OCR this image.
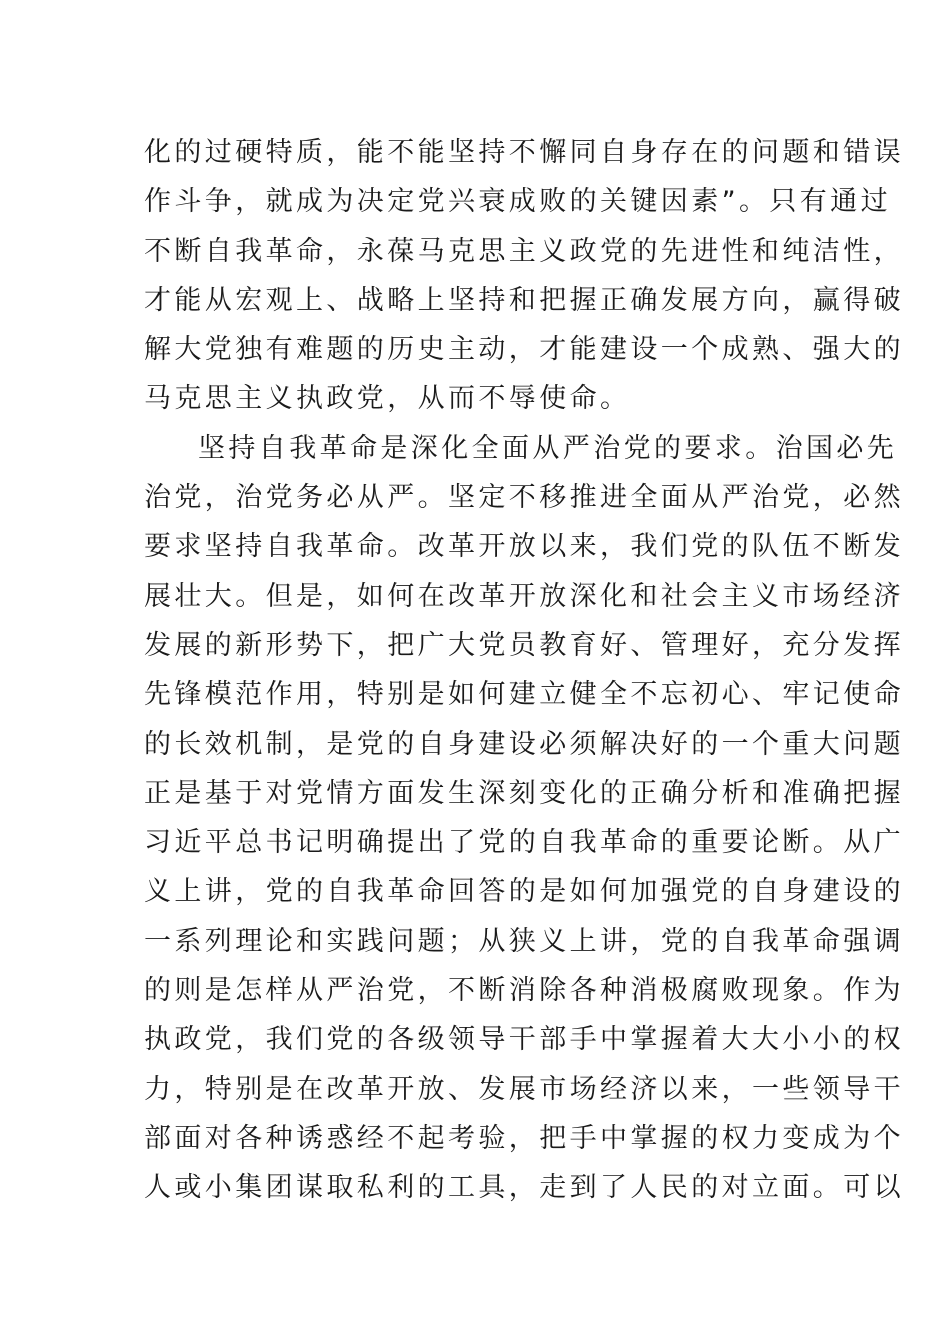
化的过硬特质，能不能坚持不懈同自身存在的问题和错误
作斗争，就成为决定党兴衰成败的关键因素”。只有通过
不断自我革命，永葆马克思主义政党的先进性和纯洁性，
才能从宏观上、战略上坚持和把握正确发展方向，赢得破
解大党独有难题的历史主动，才能建设一个成熟、强大的
马克思主义执政党，从而不辱使命。
坚持自我革命是深化全面从严治党的要求。治国必先
治党，治党务必从严。坚定不移推进全面从严治党，必然
要求坚持自我革命。改革开放以来，我们党的队伍不断发
展壮大。但是，如何在改革开放深化和社会主义市场经济
发展的新形势下，把广大党员教育好、管理好，充分发挥
先锋模范作用，特别是如何建立健全不忘初心、牢记使命
的长效机制，是党的自身建设必须解决好的一个重大问题
正是基于对党情方面发生深刻变化的正确分析和准确把握
习近平总书记明确提出了党的自我革命的重要论断。从广
义上讲，党的自我革命回答的是如何加强党的自身建设的
一系列理论和实践问题；从狭义上讲，党的自我革命强调
的则是怎样从严治党，不断消除各种消极腐败现象。作为
执政党，我们党的各级领导干部手中掌握着大大小小的权
力，特别是在改革开放、发展市场经济以来，一些领导干
部面对各种诱惑经不起考验，把手中掌握的权力变成为个
人或小集团谋取私利的工具，走到了人民的对立面。可以
